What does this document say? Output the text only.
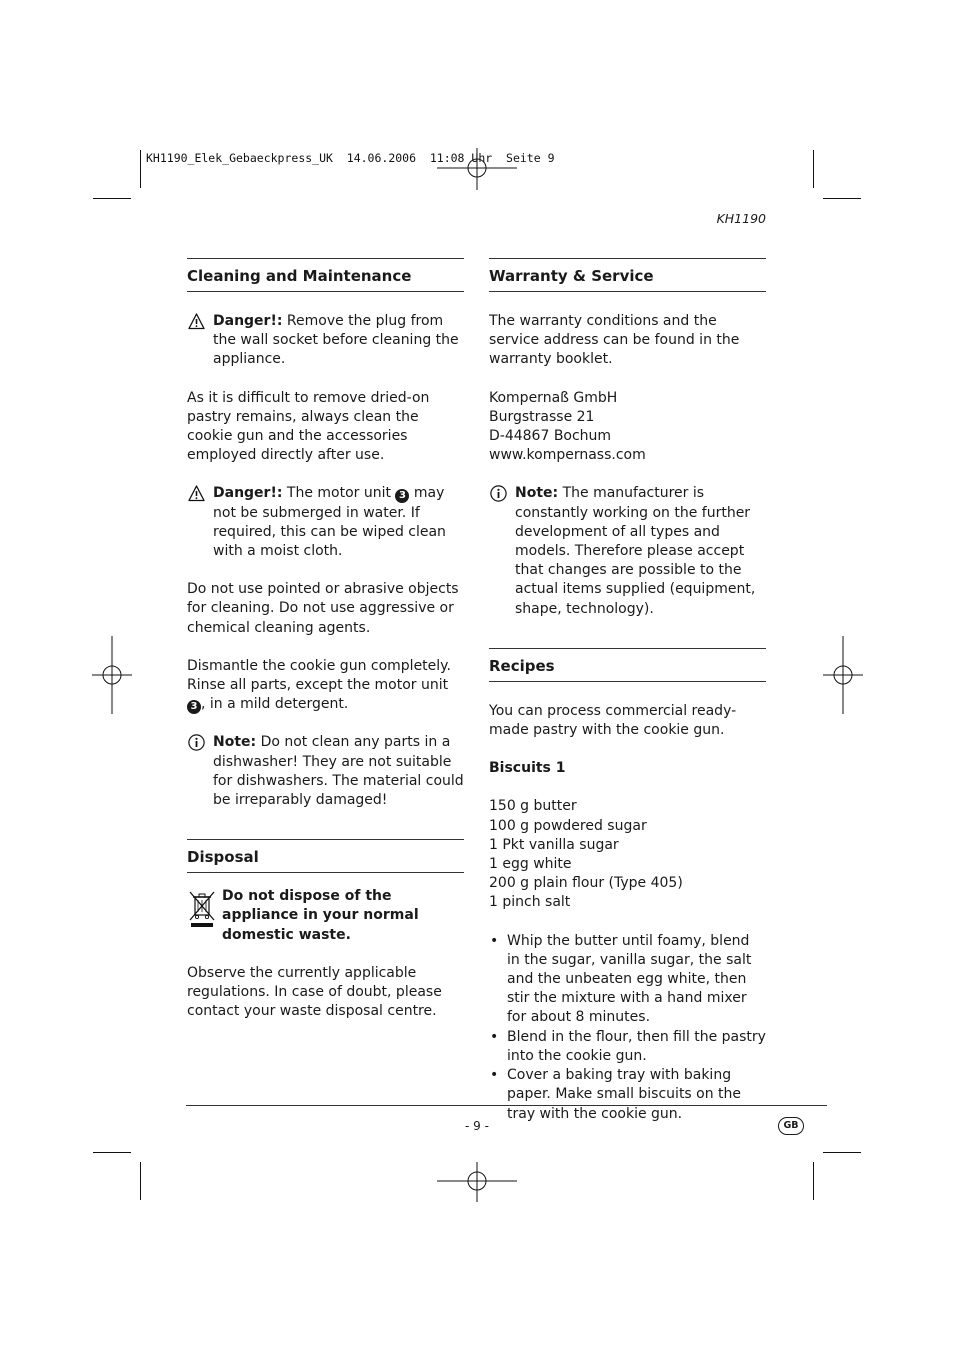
KH1190_Elek_Gebaeckpress_UK  14.06.2006  11:08 Uhr  Seite 9
KH1190
Cleaning and Maintenance
Danger!: Remove the plug from the wall socket before cleaning the appliance.

As it is difficult to remove dried-on pastry remains, always clean the cookie gun and the accessories employed directly after use.

Danger!: The motor unit 3 may not be submerged in water. If required, this can be wiped clean with a moist cloth.

Do not use pointed or abrasive objects for cleaning. Do not use aggressive or chemical cleaning agents.

Dismantle the cookie gun completely. Rinse all parts, except the motor unit 3 , in a mild detergent.

Note: Do not clean any parts in a dishwasher! They are not suitable for dishwashers. The material could be irreparably damaged!
Disposal
Do not dispose of the appliance in your normal domestic waste.

Observe the currently applicable regulations. In case of doubt, please contact your waste disposal centre.

Warranty & Service

The warranty conditions and the service address can be found in the warranty booklet.

Kompernaß GmbH
Burgstrasse 21
D-44867 Bochum
www.kompernass.com
Note: The manufacturer is constantly working on the further development of all types and models. Therefore please accept that changes are possible to the actual items supplied (equipment, shape, technology).
Recipes

You can process commercial ready-made pastry with the cookie gun.

Biscuits 1
150 g butter
100 g powdered sugar
1 Pkt vanilla sugar
1 egg white
200 g plain flour (Type 405)
1 pinch salt
• Whip the butter until foamy, blend in the sugar, vanilla sugar, the salt and the unbeaten egg white, then stir the mixture with a hand mixer for about 8 minutes.
• Blend in the flour, then fill the pastry into the cookie gun.
• Cover a baking tray with baking paper. Make small biscuits on the tray with the cookie gun.
- 9 -	GB
